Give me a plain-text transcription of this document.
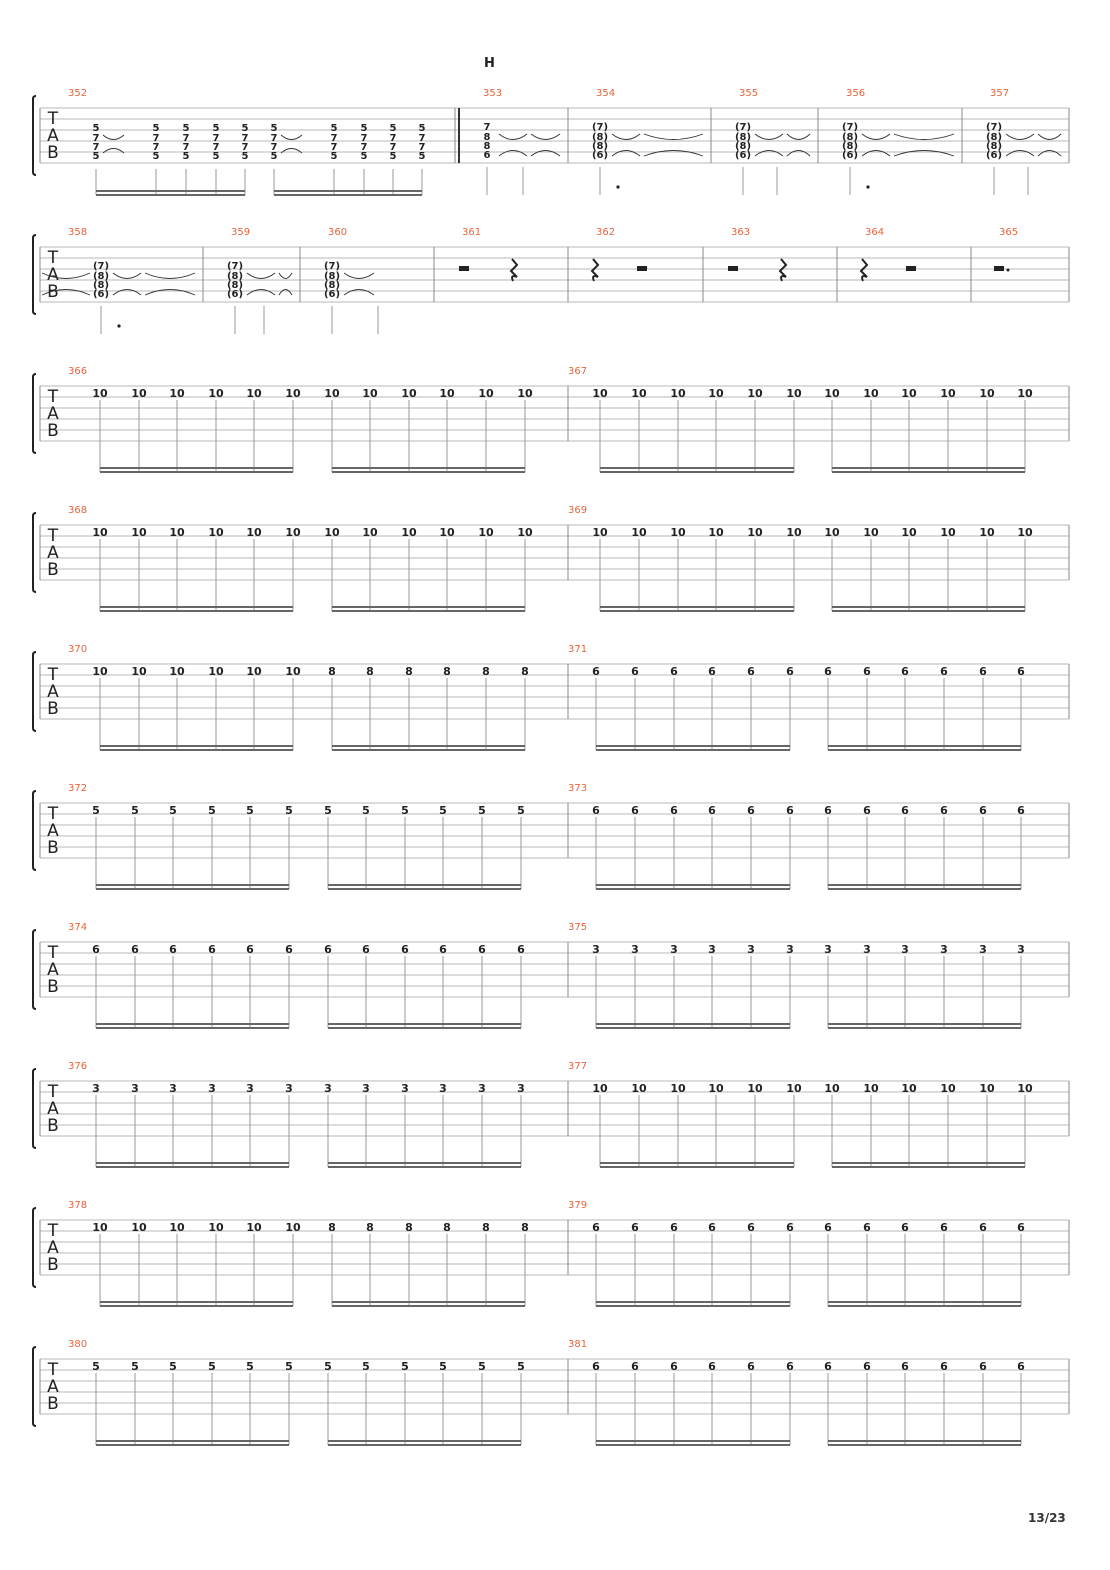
H
T
A
B
352
5
7
7
5
5
7
7
5
5
7
7
5
5
7
7
5
5
7
7
5
5
7
7
5
5
7
7
5
5
7
7
5
5
7
7
5
5
7
7
5
353
7
8
8
6
354
(7)
(8)
(8)
(6)
355
(7)
(8)
(8)
(6)
356
(7)
(8)
(8)
(6)
357
(7)
(8)
(8)
(6)
T
A
B
358
(7)
(8)
(8)
(6)
359
(7)
(8)
(8)
(6)
360
(7)
(8)
(8)
(6)
361	362	363	364	365
T
A
B
366
10 10 10 10 10 10 10 10 10 10 10 10
367
10 10 10 10 10 10 10 10 10 10 10 10
T
A
B
368
10 10 10 10 10 10 10 10 10 10 10 10
369
10 10 10 10 10 10 10 10 10 10 10 10
T
A
B
370
10 10 10 10 10 10	8	8	8	8	8	8
371
6	6	6	6	6	6	6	6	6	6	6	6
T
A
B
372
5	5	5	5	5	5	5	5	5	5	5	5
373
6	6	6	6	6	6	6	6	6	6	6	6
T
A
B
374
6	6	6	6	6	6	6	6	6	6	6	6
375
3	3	3	3	3	3	3	3	3	3	3	3
T
A
B
376
3	3	3	3	3	3	3	3	3	3	3	3
377
10 10 10 10 10 10 10 10 10 10 10 10
T
A
B
378
10 10 10 10 10 10	8	8	8	8	8	8
379
6	6	6	6	6	6	6	6	6	6	6	6
T
A
B
380
5	5	5	5	5	5	5	5	5	5	5	5
381
6	6	6	6	6	6	6	6	6	6	6	6
13/23
